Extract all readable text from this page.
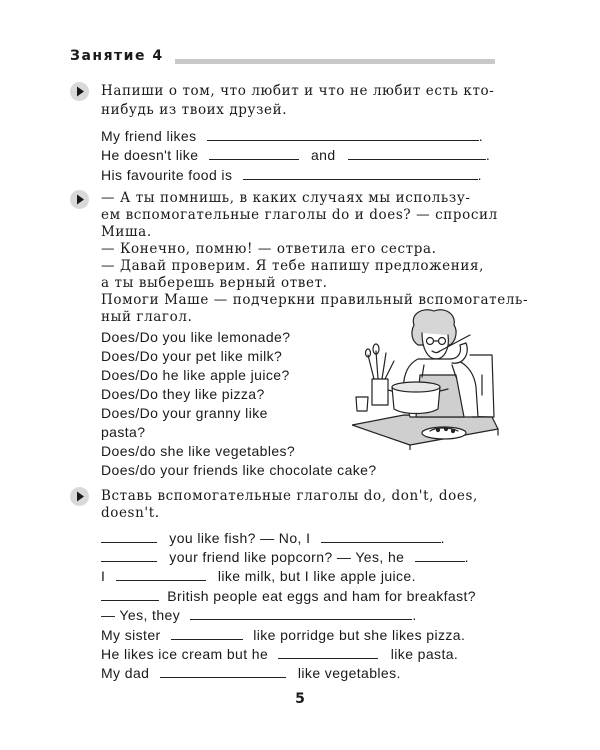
Занятие 4
Напиши о том, что любит и что не любит есть кто-
нибудь из твоих друзей.
My friend likes	.
He doesn't like	and	.
His favourite food is	.
— А ты помнишь, в каких случаях мы использу-
ем вспомогательные глаголы do и does? — спросил
Миша.
— Конечно, помню! — ответила его сестра.
— Давай проверим. Я тебе напишу предложения,
а ты выберешь верный ответ.
Помоги Маше — подчеркни правильный вспомогатель-
ный глагол.
Does/Do you like lemonade?
Does/Do your pet like milk?
Does/Do he like apple juice?
Does/Do they like pizza?
Does/Do your granny like
pasta?
Does/do she like vegetables?
Does/do your friends like chocolate cake?
Вставь вспомогательные глаголы do, don't, does,
doesn't.
you like fish? — No, I	.
your friend like popcorn? — Yes, he	.
I	like milk, but I like apple juice.
British people eat eggs and ham for breakfast?
— Yes, they	.
My sister	like porridge but she likes pizza.
He likes ice cream but he	like pasta.
My dad	like vegetables.
5
